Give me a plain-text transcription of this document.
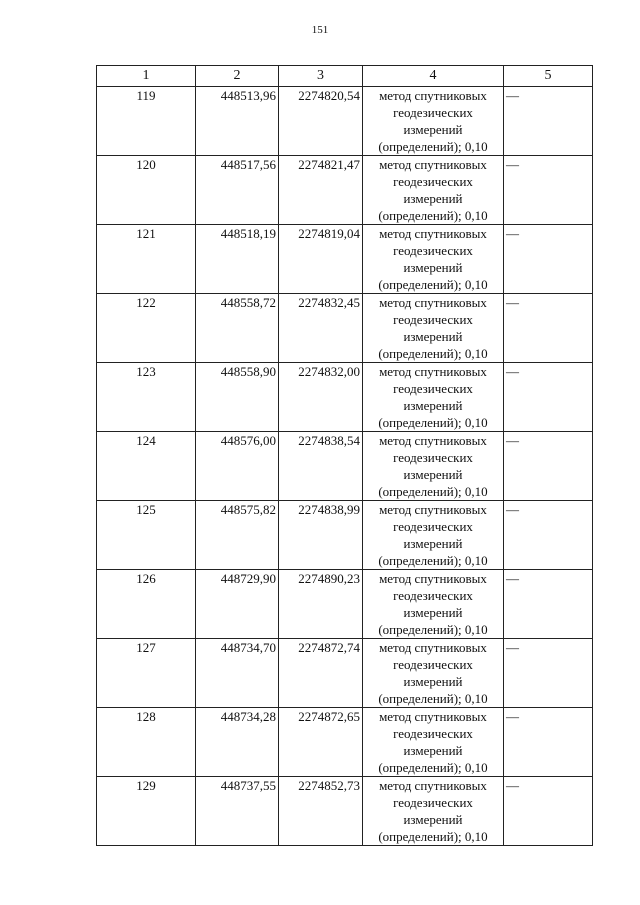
151
1	2	3	4	5
119	448513,96	2274820,54	метод спутниковых геодезических измерений (определений); 0,10	—
120	448517,56	2274821,47	метод спутниковых геодезических измерений (определений); 0,10	—
121	448518,19	2274819,04	метод спутниковых геодезических измерений (определений); 0,10	—
122	448558,72	2274832,45	метод спутниковых геодезических измерений (определений); 0,10	—
123	448558,90	2274832,00	метод спутниковых геодезических измерений (определений); 0,10	—
124	448576,00	2274838,54	метод спутниковых геодезических измерений (определений); 0,10	—
125	448575,82	2274838,99	метод спутниковых геодезических измерений (определений); 0,10	—
126	448729,90	2274890,23	метод спутниковых геодезических измерений (определений); 0,10	—
127	448734,70	2274872,74	метод спутниковых геодезических измерений (определений); 0,10	—
128	448734,28	2274872,65	метод спутниковых геодезических измерений (определений); 0,10	—
129	448737,55	2274852,73	метод спутниковых геодезических измерений (определений); 0,10	—
